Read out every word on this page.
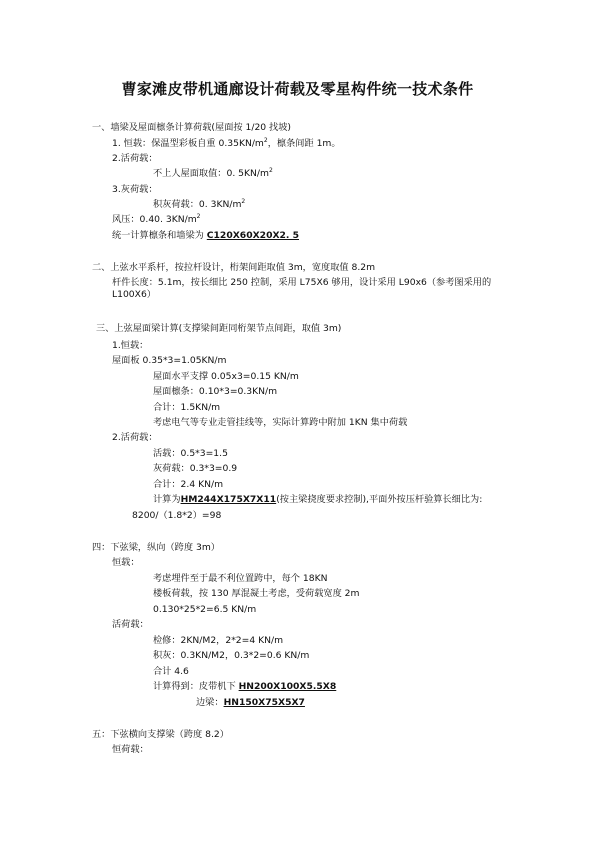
曹家滩皮带机通廊设计荷载及零星构件统一技术条件
一、墙梁及屋面檩条计算荷载(屋面按 1/20 找坡)
1. 恒载：保温型彩板自重 $0.35KN/m^2$，檩条间距 1m。
2.活荷载：
不上人屋面取值：0. $5KN/m^2$
3.灰荷载：
积灰荷载：0. $3KN/m^2$
风压：0.40. $3KN/m^2$
统一计算檩条和墙梁为 C120X60X20X2. 5
二、上弦水平系杆，按拉杆设计，桁架间距取值 3m，宽度取值 8.2m
杆件长度：5.1m，按长细比 250 控制，采用 L75X6 够用，设计采用 L90x6（参考图采用的 L100X6）
三、上弦屋面梁计算(支撑梁间距同桁架节点间距，取值 3m)
1.恒载：
屋面板 0.35*3=1.05KN/m
屋面水平支撑 0.05x3=0.15 KN/m
屋面檩条：0.10*3=0.3KN/m
合计：1.5KN/m
考虑电气等专业走管挂线等，实际计算跨中附加 1KN 集中荷载
2.活荷载：
活载：0.5*3=1.5
灰荷载：0.3*3=0.9
合计：2.4 KN/m
计算为HM244X175X7X11(按主梁挠度要求控制),平面外按压杆验算长细比为:
8200/（1.8*2）=98
四：下弦梁，纵向（跨度 3m）
恒载：
考虑埋件至于最不利位置跨中，每个 18KN
楼板荷载，按 130 厚混凝土考虑，受荷载宽度 2m
0.130*25*2=6.5 KN/m
活荷载：
检修：2KN/M2，2*2=4 KN/m
积灰：0.3KN/M2，0.3*2=0.6 KN/m
合计 4.6
计算得到：皮带机下 HN200X100X5.5X8
边梁：HN150X75X5X7
五：下弦横向支撑梁（跨度 8.2）
恒荷载：
